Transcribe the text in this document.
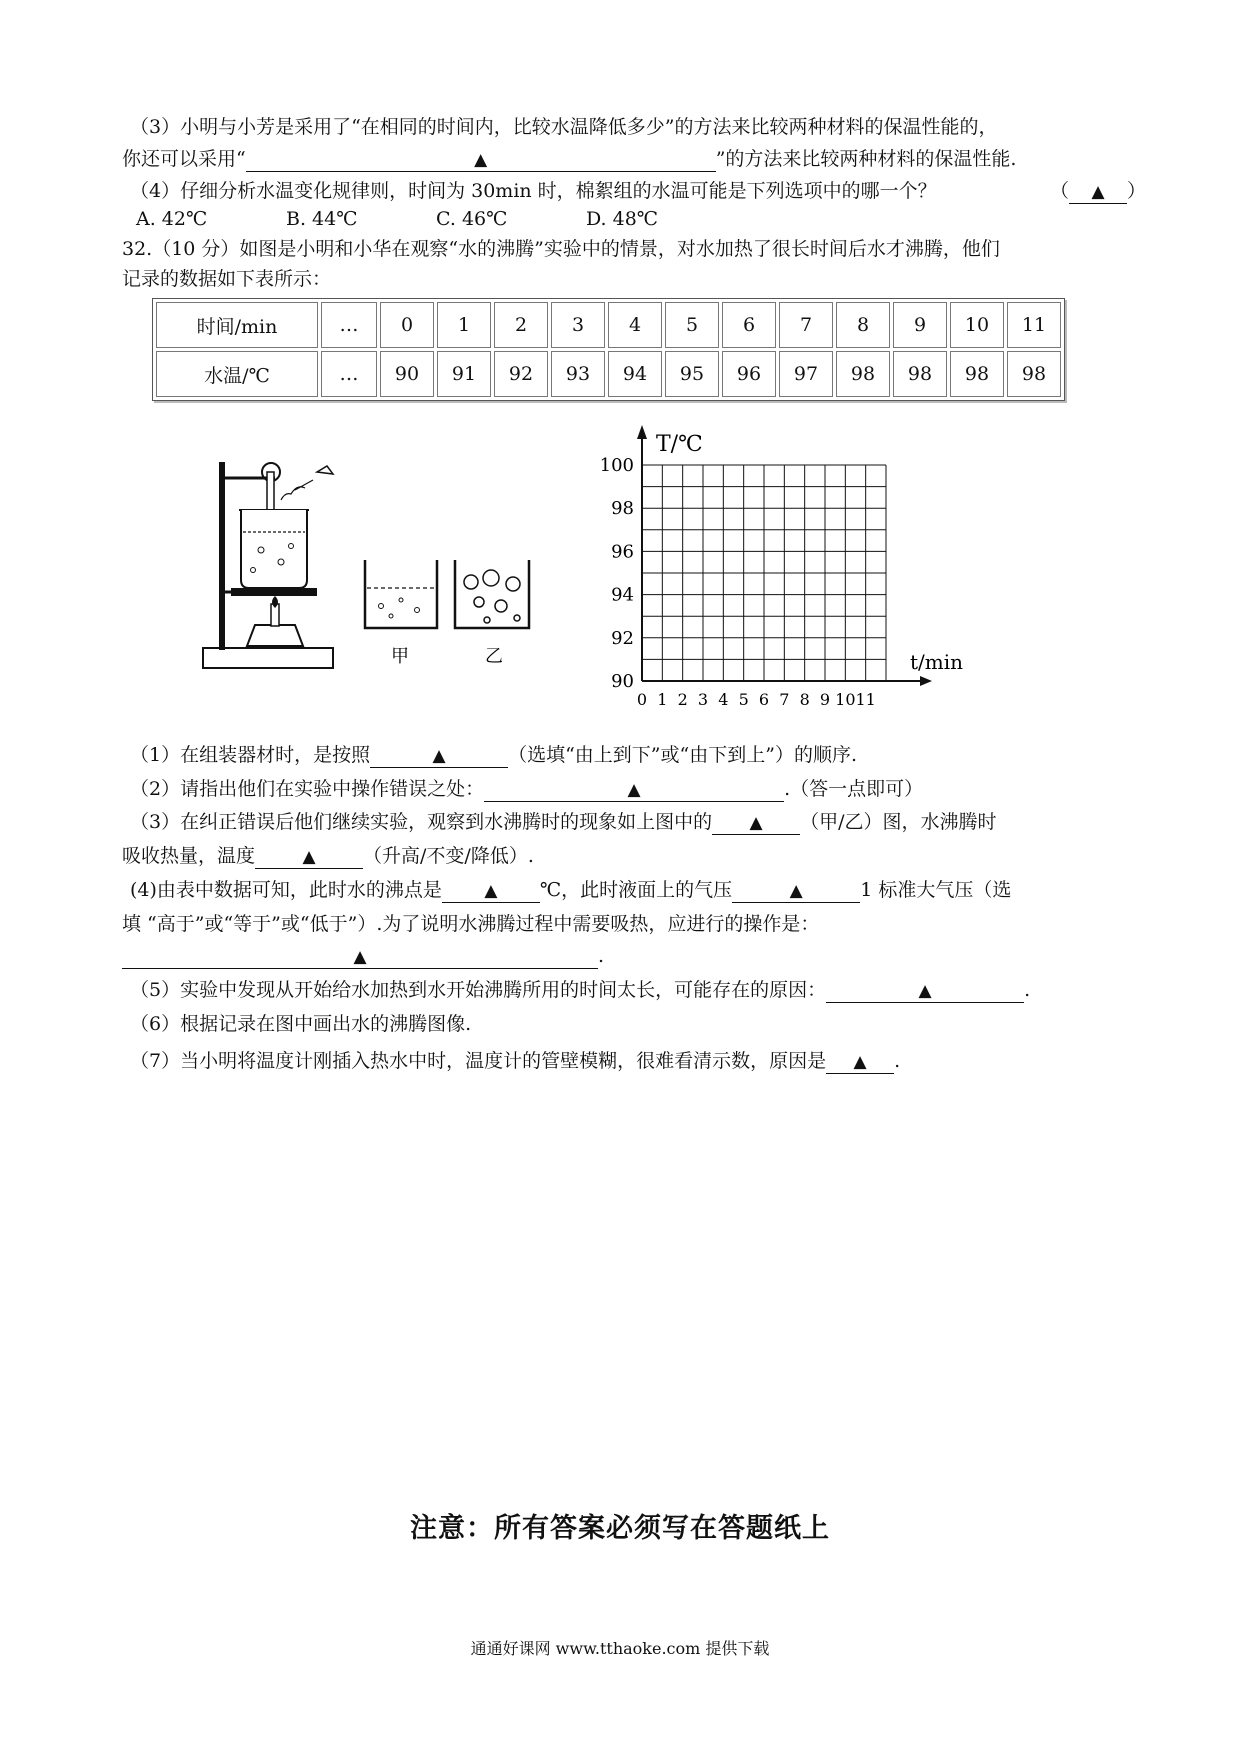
（3）小明与小芳是采用了“在相同的时间内，比较水温降低多少”的方法来比较两种材料的保温性能的，
你还可以采用“	▲	”的方法来比较两种材料的保温性能.
（4）仔细分析水温变化规律则，时间为 30min 时，棉絮组的水温可能是下列选项中的哪一个？	（ ▲ ）
A. 42℃	B. 44℃	C. 46℃	D. 48℃
32.（10 分）如图是小明和小华在观察“水的沸腾”实验中的情景，对水加热了很长时间后水才沸腾，他们
记录的数据如下表所示：
时间/min	…	0	1	2	3	4	5	6	7	8	9	10	11
水温/℃	…	90	91	92	93	94	95	96	97	98	98	98	98
甲	乙
90
92
94
96
98
100
0 1 2 3 4 5 6 7 8 9 10 11
T/℃
t/min
（1）在组装器材时，是按照	▲	（选填“由上到下”或“由下到上”）的顺序.
（2）请指出他们在实验中操作错误之处：	▲	.（答一点即可）
（3）在纠正错误后他们继续实验，观察到水沸腾时的现象如上图中的 ▲ （甲/乙）图，水沸腾时
吸收热量，温度	▲ （升高/不变/降低）.
(4)由表中数据可知，此时水的沸点是 ▲ ℃，此时液面上的气压	▲	1 标准大气压（选
填 “高于”或“等于”或“低于”）.为了说明水沸腾过程中需要吸热，应进行的操作是：
▲	.
（5）实验中发现从开始给水加热到水开始沸腾所用的时间太长，可能存在的原因：	▲	.
（6）根据记录在图中画出水的沸腾图像.
（7）当小明将温度计刚插入热水中时，温度计的管壁模糊，很难看清示数，原因是 ▲ .
注意：所有答案必须写在答题纸上
通通好课网 www.tthaoke.com 提供下载
